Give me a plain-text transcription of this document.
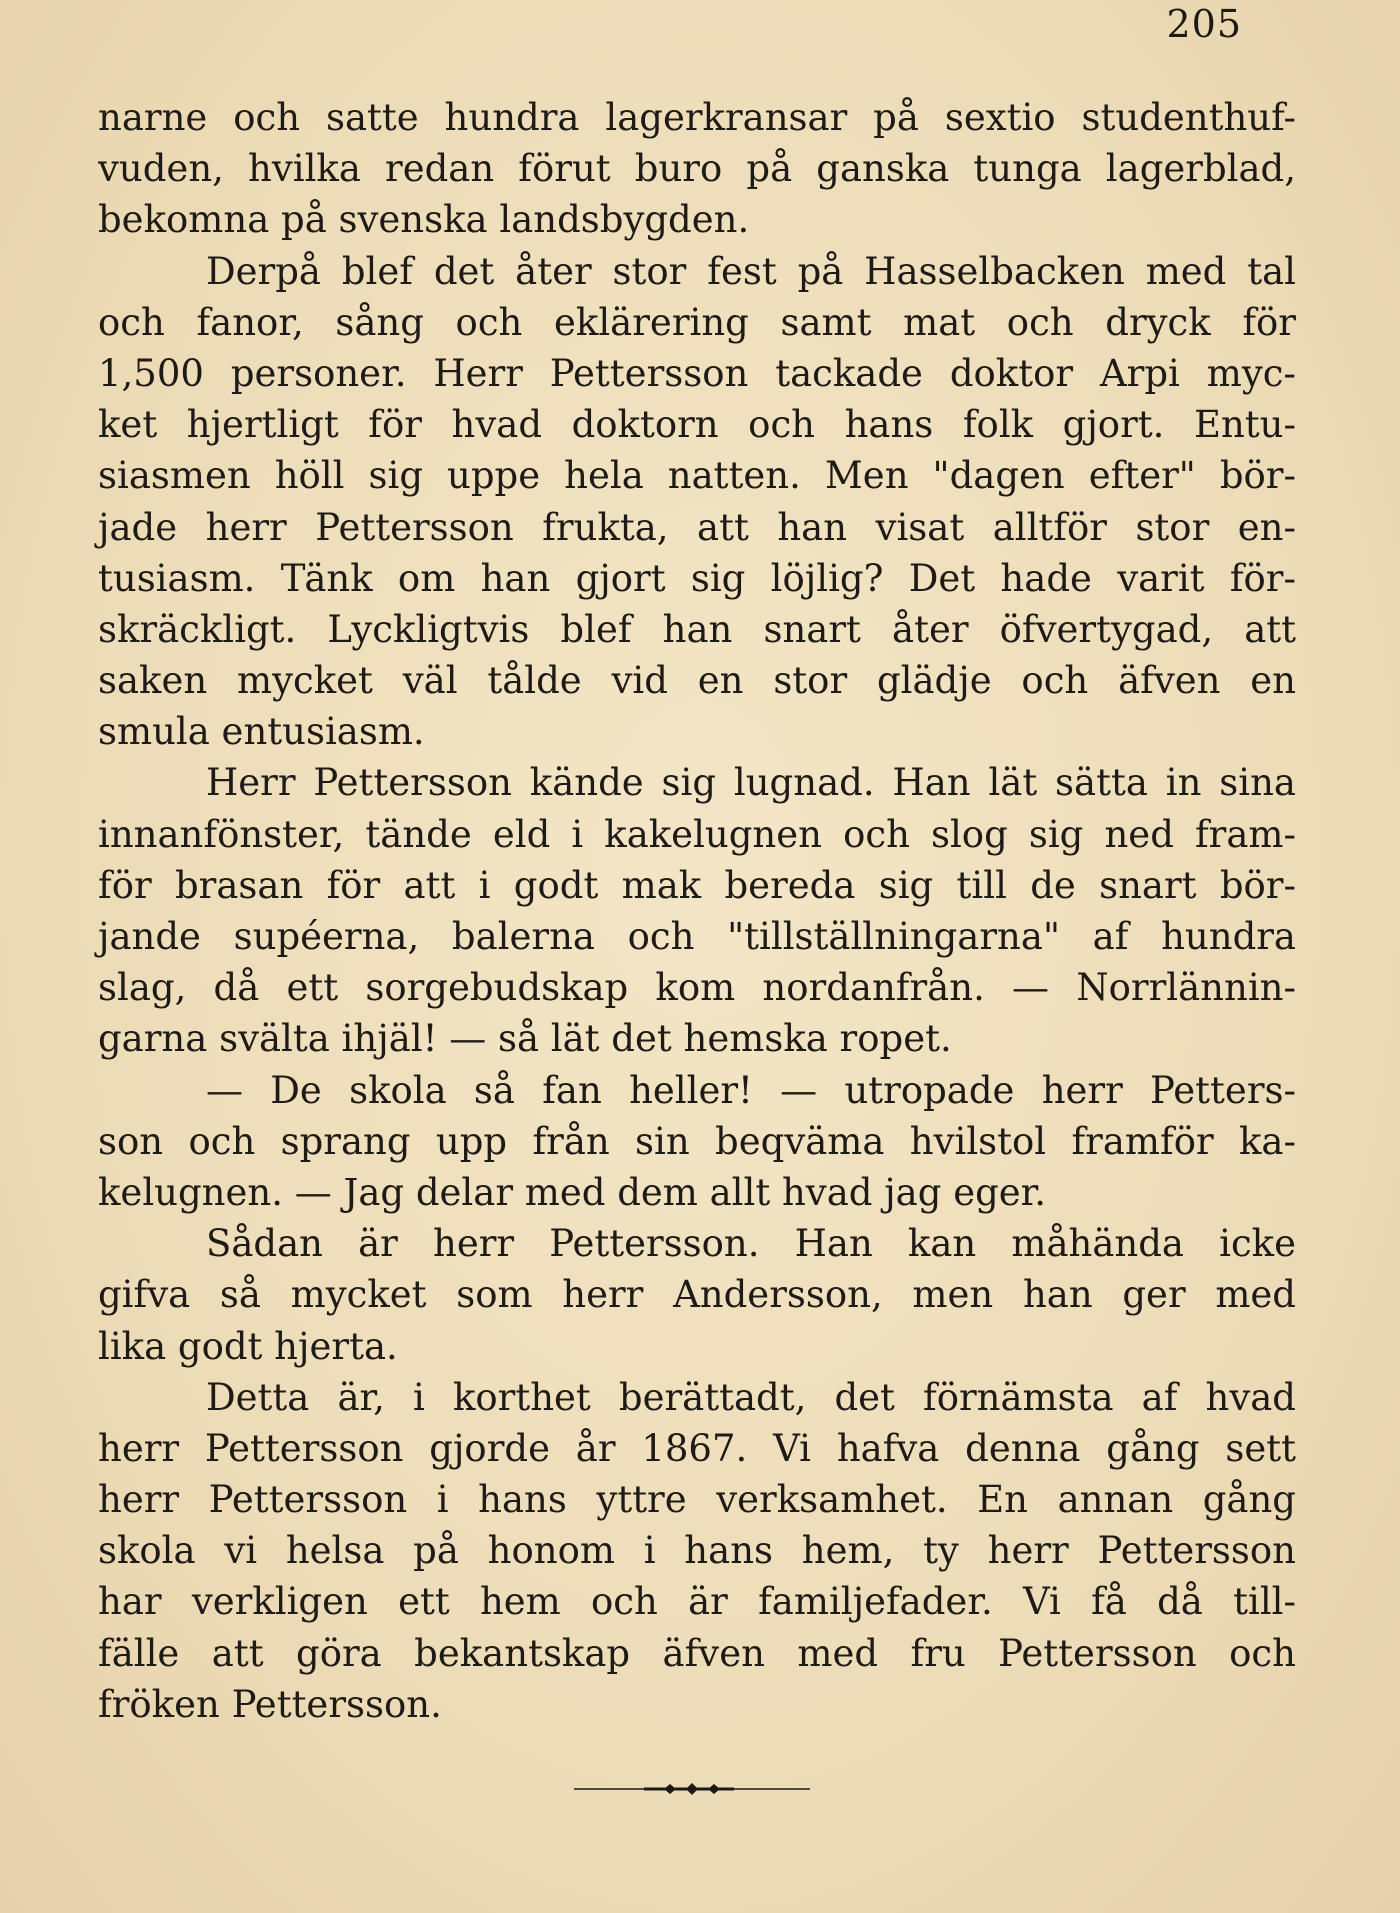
205
narne och satte hundra lagerkransar på sextio studenthuf-
vuden, hvilka redan förut buro på ganska tunga lagerblad,
bekomna på svenska landsbygden.
Derpå blef det åter stor fest på Hasselbacken med tal
och fanor, sång och eklärering samt mat och dryck för
1,500 personer. Herr Pettersson tackade doktor Arpi myc-
ket hjertligt för hvad doktorn och hans folk gjort. Entu-
siasmen höll sig uppe hela natten. Men "dagen efter" bör-
jade herr Pettersson frukta, att han visat alltför stor en-
tusiasm. Tänk om han gjort sig löjlig? Det hade varit för-
skräckligt. Lyckligtvis blef han snart åter öfvertygad, att
saken mycket väl tålde vid en stor glädje och äfven en
smula entusiasm.
Herr Pettersson kände sig lugnad. Han lät sätta in sina
innanfönster, tände eld i kakelugnen och slog sig ned fram-
för brasan för att i godt mak bereda sig till de snart bör-
jande supéerna, balerna och "tillställningarna" af hundra
slag, då ett sorgebudskap kom nordanfrån. — Norrlännin-
garna svälta ihjäl! — så lät det hemska ropet.
— De skola så fan heller! — utropade herr Petters-
son och sprang upp från sin beqväma hvilstol framför ka-
kelugnen. — Jag delar med dem allt hvad jag eger.
Sådan är herr Pettersson. Han kan måhända icke
gifva så mycket som herr Andersson, men han ger med
lika godt hjerta.
Detta är, i korthet berättadt, det förnämsta af hvad
herr Pettersson gjorde år 1867. Vi hafva denna gång sett
herr Pettersson i hans yttre verksamhet. En annan gång
skola vi helsa på honom i hans hem, ty herr Pettersson
har verkligen ett hem och är familjefader. Vi få då till-
fälle att göra bekantskap äfven med fru Pettersson och
fröken Pettersson.
